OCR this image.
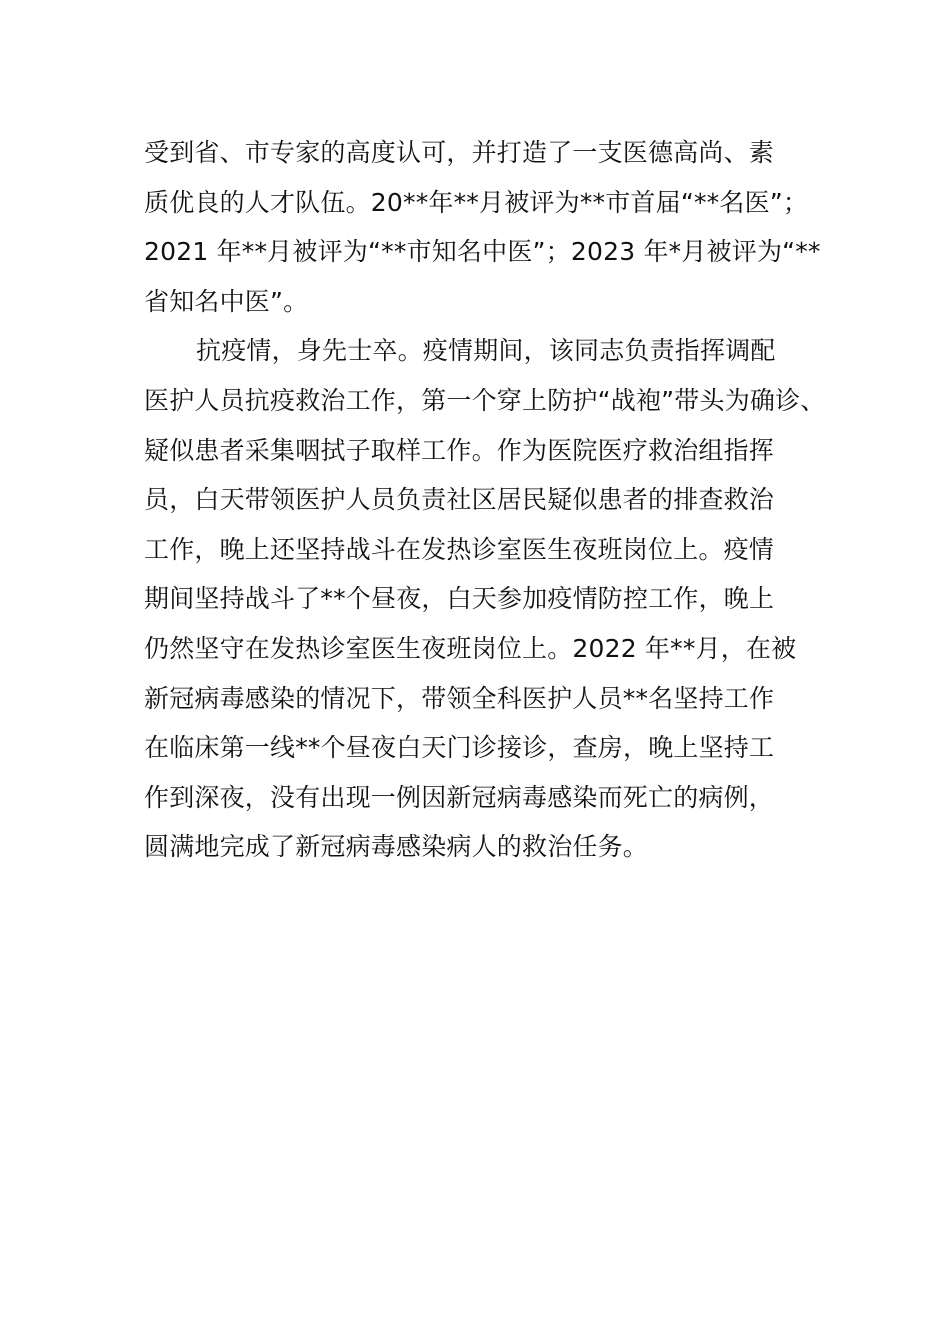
受到省、市专家的高度认可，并打造了一支医德高尚、素
质优良的人才队伍。20**年**月被评为**市首届“**名医”；
2021 年**月被评为“**市知名中医”；2023 年*月被评为“**
省知名中医”。
抗疫情，身先士卒。疫情期间，该同志负责指挥调配
医护人员抗疫救治工作，第一个穿上防护“战袍”带头为确诊、
疑似患者采集咽拭子取样工作。作为医院医疗救治组指挥
员，白天带领医护人员负责社区居民疑似患者的排查救治
工作，晚上还坚持战斗在发热诊室医生夜班岗位上。疫情
期间坚持战斗了**个昼夜，白天参加疫情防控工作，晚上
仍然坚守在发热诊室医生夜班岗位上。2022 年**月，在被
新冠病毒感染的情况下，带领全科医护人员**名坚持工作
在临床第一线**个昼夜白天门诊接诊，查房，晚上坚持工
作到深夜，没有出现一例因新冠病毒感染而死亡的病例，
圆满地完成了新冠病毒感染病人的救治任务。
